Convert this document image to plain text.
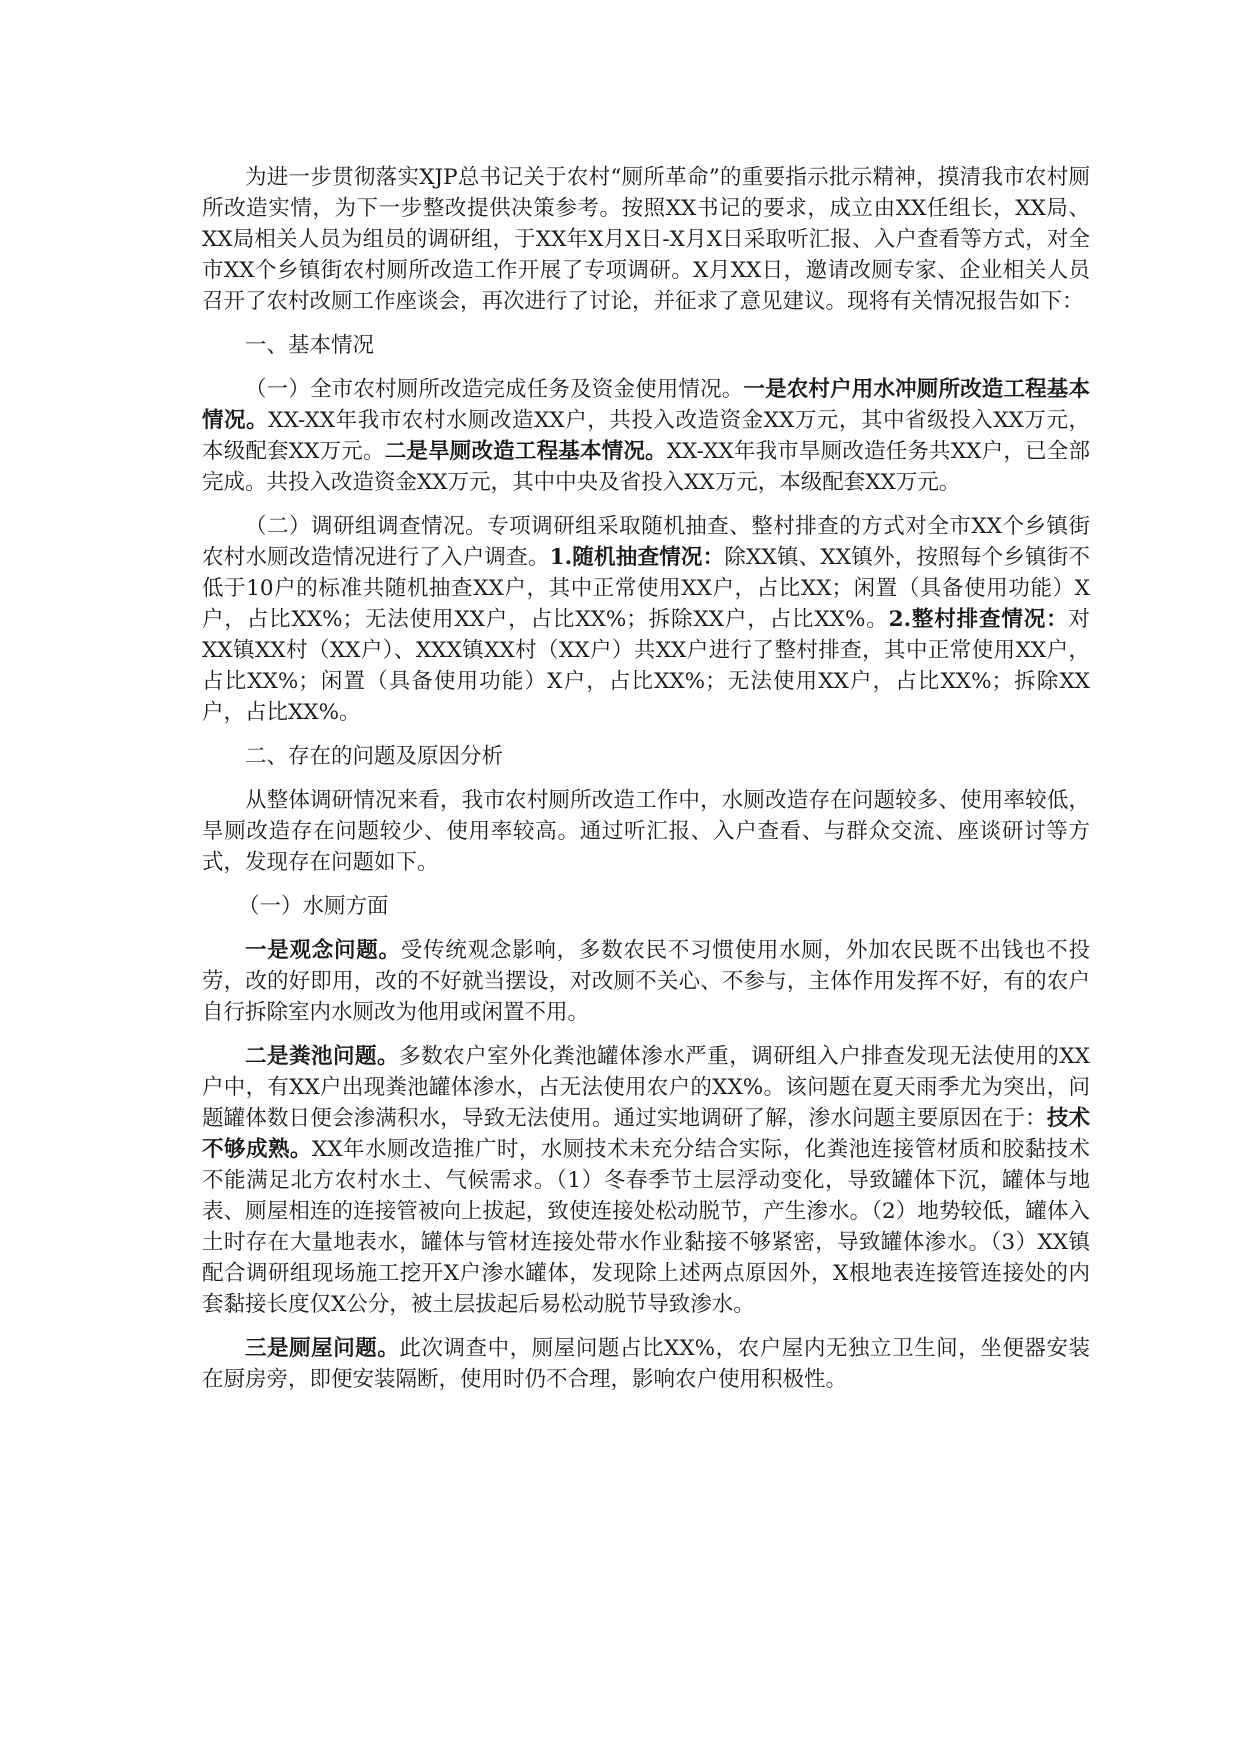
为进一步贯彻落实XJP总书记关于农村“厕所革命”的重要指示批示精神，摸清我市农村厕所改造实情，为下一步整改提供决策参考。按照XX书记的要求，成立由XX任组长，XX局、XX局相关人员为组员的调研组，于XX年X月X日-X月X日采取听汇报、入户查看等方式，对全市XX个乡镇街农村厕所改造工作开展了专项调研。X月XX日，邀请改厕专家、企业相关人员召开了农村改厕工作座谈会，再次进行了讨论，并征求了意见建议。现将有关情况报告如下：

一、基本情况

（一）全市农村厕所改造完成任务及资金使用情况。一是农村户用水冲厕所改造工程基本情况。XX-XX年我市农村水厕改造XX户，共投入改造资金XX万元，其中省级投入XX万元，本级配套XX万元。二是旱厕改造工程基本情况。XX-XX年我市旱厕改造任务共XX户，已全部完成。共投入改造资金XX万元，其中中央及省投入XX万元，本级配套XX万元。

（二）调研组调查情况。专项调研组采取随机抽查、整村排查的方式对全市XX个乡镇街农村水厕改造情况进行了入户调查。1.随机抽查情况：除XX镇、XX镇外，按照每个乡镇街不低于10户的标准共随机抽查XX户，其中正常使用XX户，占比XX；闲置（具备使用功能）X户，占比XX%；无法使用XX户，占比XX%；拆除XX户，占比XX%。2.整村排查情况：对XX镇XX村（XX户）、XXX镇XX村（XX户）共XX户进行了整村排查，其中正常使用XX户，占比XX%；闲置（具备使用功能）X户，占比XX%；无法使用XX户，占比XX%；拆除XX户，占比XX%。

二、存在的问题及原因分析

从整体调研情况来看，我市农村厕所改造工作中，水厕改造存在问题较多、使用率较低，旱厕改造存在问题较少、使用率较高。通过听汇报、入户查看、与群众交流、座谈研讨等方式，发现存在问题如下。

（一）水厕方面

一是观念问题。受传统观念影响，多数农民不习惯使用水厕，外加农民既不出钱也不投劳，改的好即用，改的不好就当摆设，对改厕不关心、不参与，主体作用发挥不好，有的农户自行拆除室内水厕改为他用或闲置不用。

二是粪池问题。多数农户室外化粪池罐体渗水严重，调研组入户排查发现无法使用的XX户中，有XX户出现粪池罐体渗水，占无法使用农户的XX%。该问题在夏天雨季尤为突出，问题罐体数日便会渗满积水，导致无法使用。通过实地调研了解，渗水问题主要原因在于：技术不够成熟。XX年水厕改造推广时，水厕技术未充分结合实际，化粪池连接管材质和胶黏技术不能满足北方农村水土、气候需求。（1）冬春季节土层浮动变化，导致罐体下沉，罐体与地表、厕屋相连的连接管被向上拔起，致使连接处松动脱节，产生渗水。（2）地势较低，罐体入土时存在大量地表水，罐体与管材连接处带水作业黏接不够紧密，导致罐体渗水。（3）XX镇配合调研组现场施工挖开X户渗水罐体，发现除上述两点原因外，X根地表连接管连接处的内套黏接长度仅X公分，被土层拔起后易松动脱节导致渗水。

三是厕屋问题。此次调查中，厕屋问题占比XX%，农户屋内无独立卫生间，坐便器安装在厨房旁，即便安装隔断，使用时仍不合理，影响农户使用积极性。
